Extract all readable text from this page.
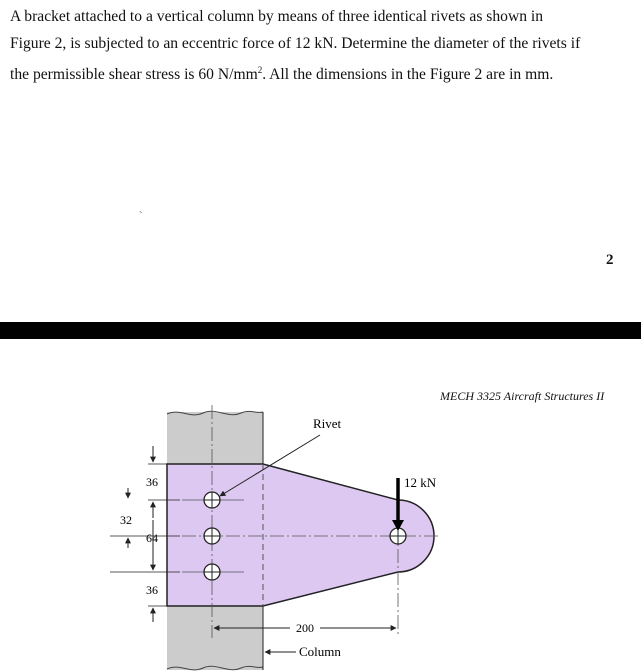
A bracket attached to a vertical column by means of three identical rivets as shown in

Figure 2, is subjected to an eccentric force of 12 kN. Determine the diameter of the rivets if

the permissible shear stress is 60 $N/mm^2$. All the dimensions in the Figure 2 are in mm.

`
2
MECH 3325 Aircraft Structures II
Rivet
12 kN
36
32
64
36
200
Column
